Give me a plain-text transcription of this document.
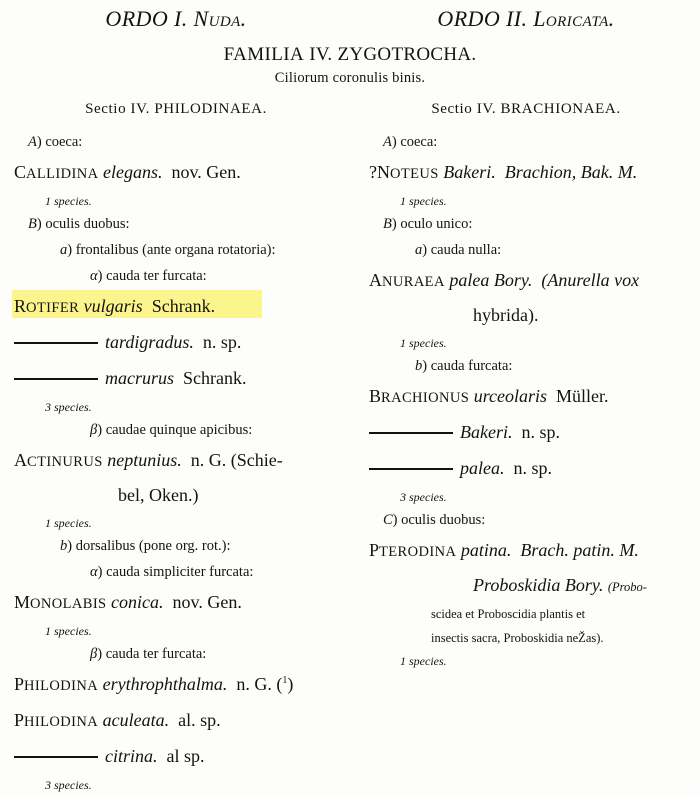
ORDO I. Nuda.	ORDO II. Loricata.
FAMILIA IV. ZYGOTROCHA.
Ciliorum coronulis binis.
Sectio IV. PHILODINAEA.	Sectio IV. BRACHIONAEA.
A) coeca:
CALLIDINA elegans. nov. Gen.
1 species.
B) oculis duobus:
a) frontalibus (ante organa rotatoria):
α) cauda ter furcata:
ROTIFER vulgaris Schrank.
tardigradus. n. sp.
macrurus Schrank.
3 species.
β) caudae quinque apicibus:
ACTINURUS neptunius. n. G. (Schie-
bel, Oken.)
1 species.
b) dorsalibus (pone org. rot.):
α) cauda simpliciter furcata:
MONOLABIS conica. nov. Gen.
1 species.
β) cauda ter furcata:
PHILODINA erythrophthalma. n. G. ($^1$)
PHILODINA aculeata. al. sp.
citrina. al sp.
3 species.
A) coeca:
?NOTEUS Bakeri. Brachion, Bak. M.
1 species.
B) oculo unico:
a) cauda nulla:
ANURAEA palea Bory. (Anurella vox
hybrida).
1 species.
b) cauda furcata:
BRACHIONUS urceolaris Müller.
Bakeri. n. sp.
palea. n. sp.
3 species.
C) oculis duobus:
PTERODINA patina. Brach. patin. M.
Proboskidia Bory. (Probo-
scidea et Proboscidia plantis et
insectis sacra, Proboskidia neŽas).
1 species.
